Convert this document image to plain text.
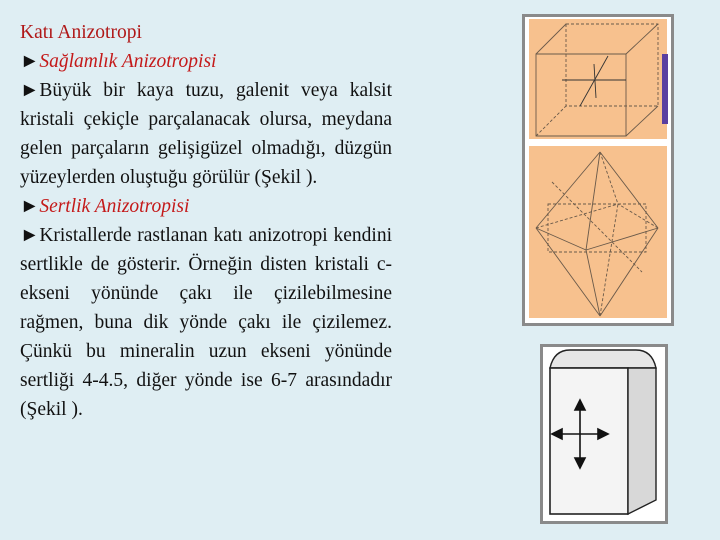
Katı Anizotropi

►Sağlamlık Anizotropisi

►Büyük bir kaya tuzu, galenit veya kalsit kristali çekiçle parçalanacak olursa, meydana gelen parçaların gelişigüzel olmadığı, düzgün yüzeylerden oluştuğu görülür (Şekil ).

►Sertlik Anizotropisi

►Kristallerde rastlanan katı anizotropi kendini sertlikle de gösterir. Örneğin disten kristali c-ekseni yönünde çakı ile çizilebilmesine rağmen, buna dik yönde çakı ile çizilemez. Çünkü bu mineralin uzun ekseni yönünde sertliği 4-4.5, diğer yönde ise 6-7 arasındadır (Şekil ).
